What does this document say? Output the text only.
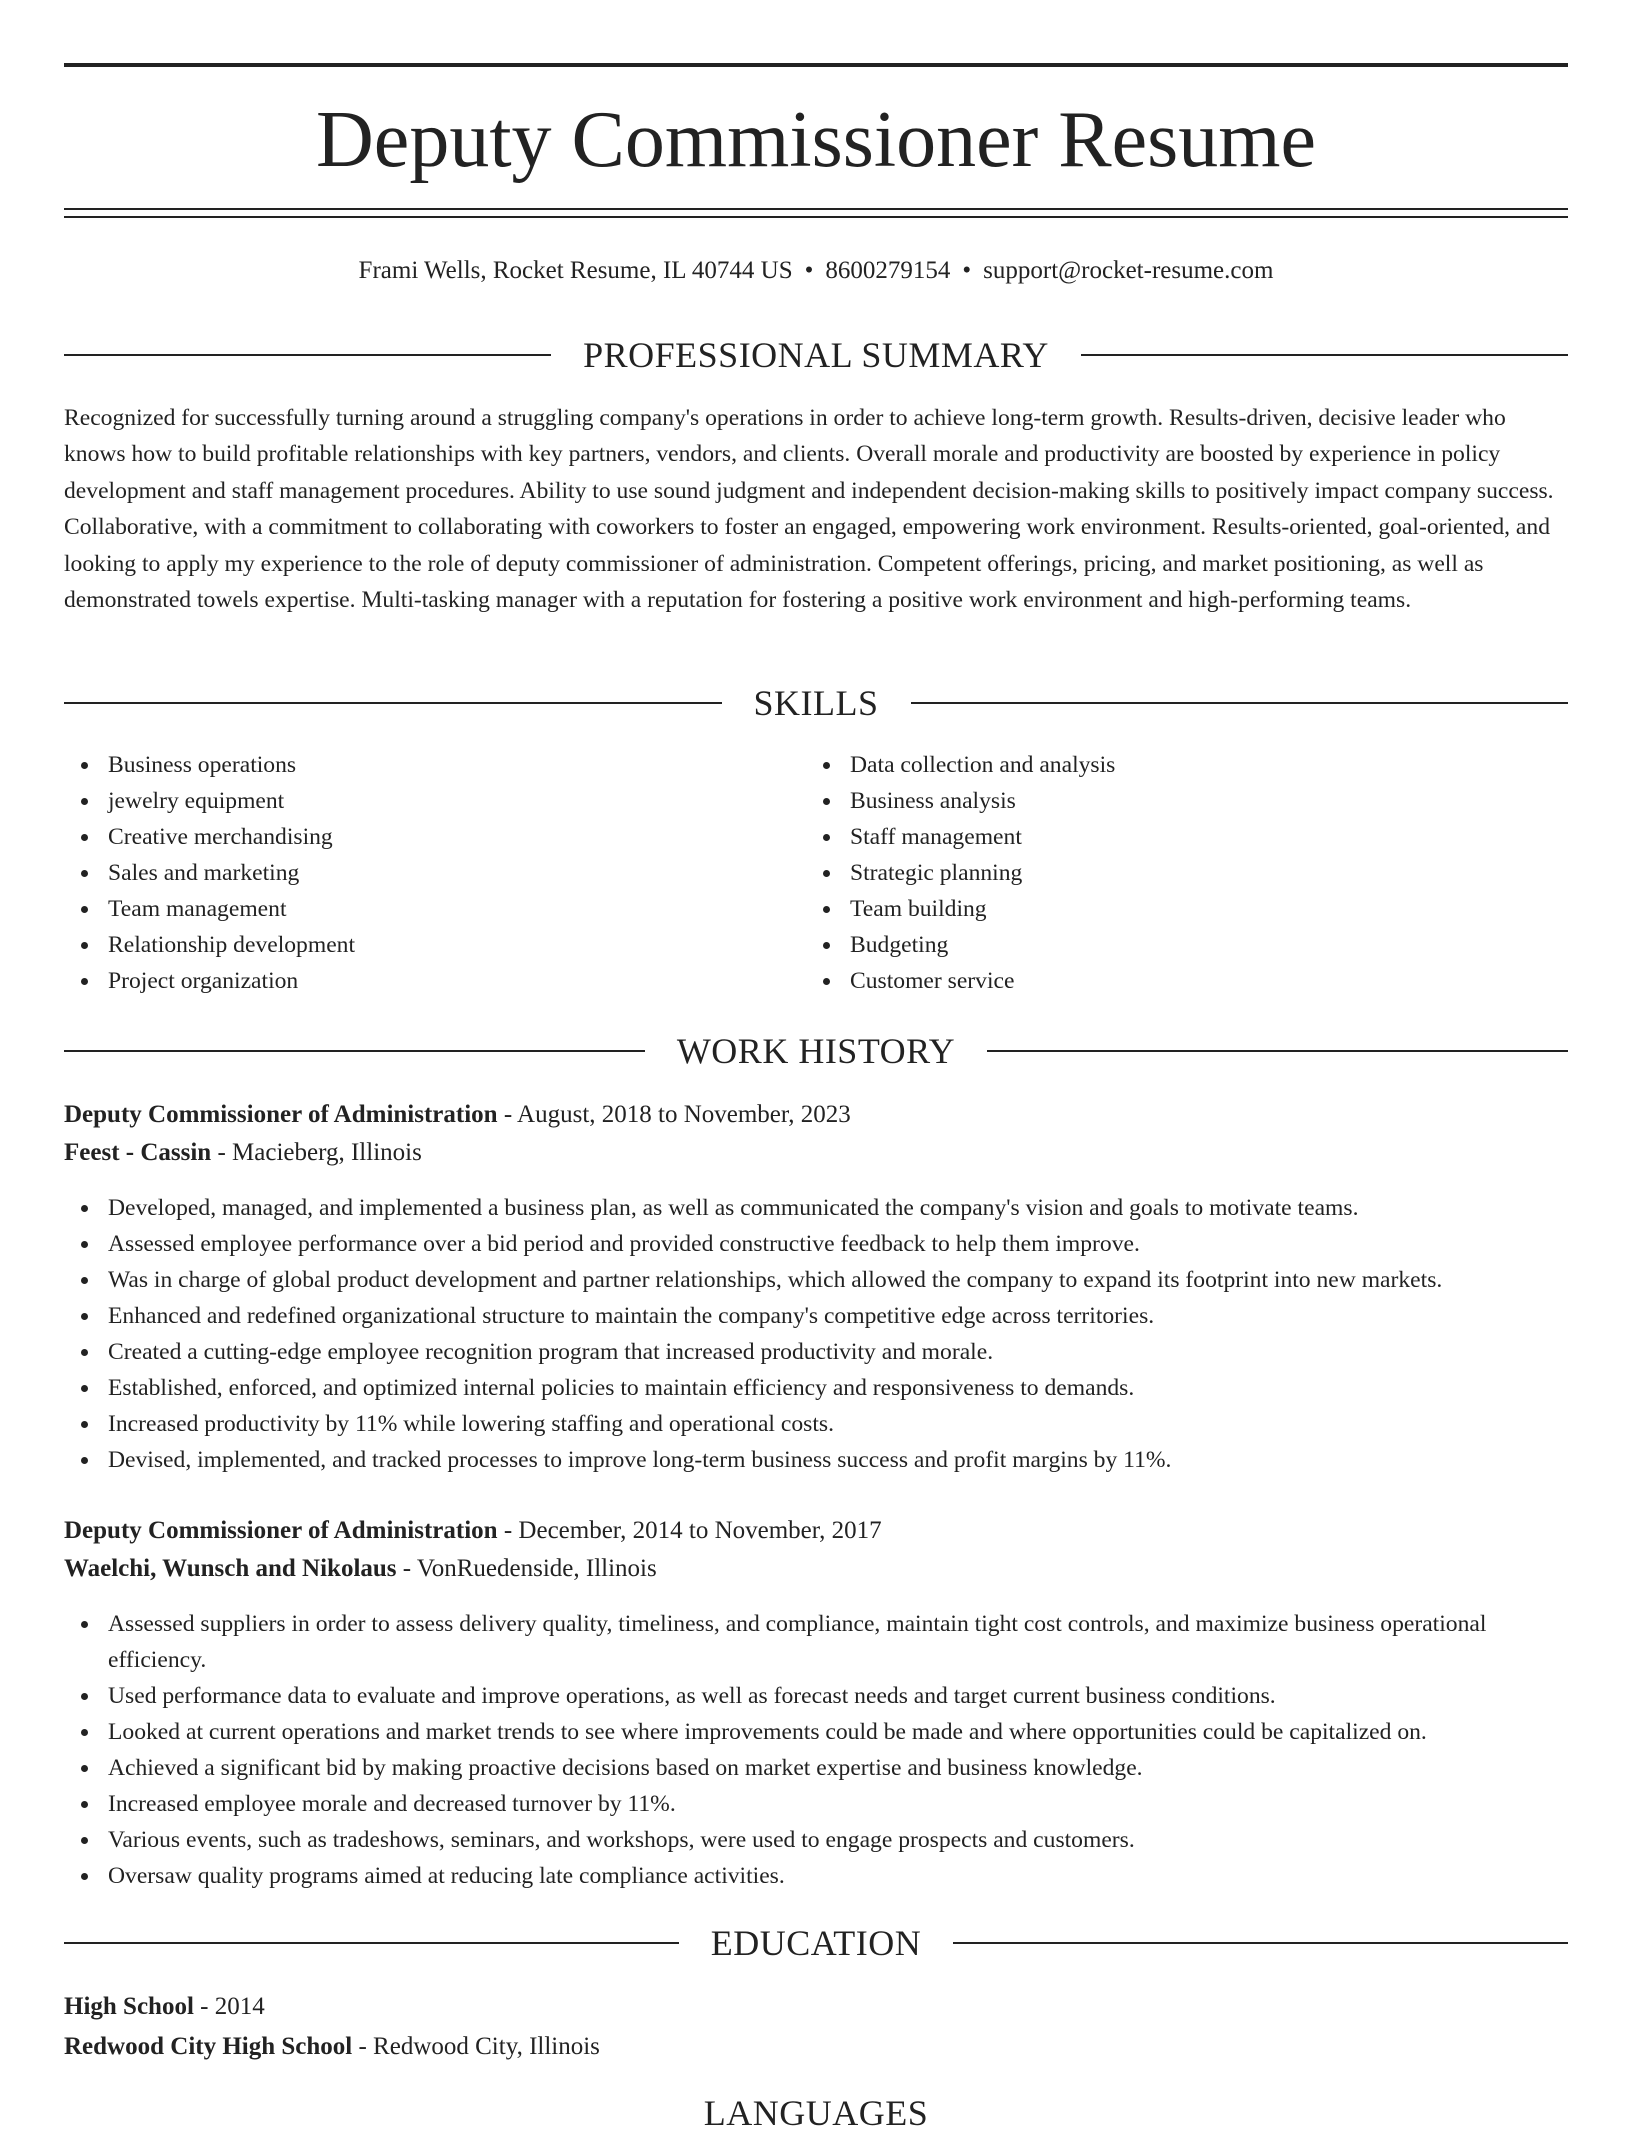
Deputy Commissioner Resume
Frami Wells, Rocket Resume, IL 40744 US • 8600279154 • support@rocket-resume.com
PROFESSIONAL SUMMARY

Recognized for successfully turning around a struggling company's operations in order to achieve long-term growth. Results-driven, decisive leader who knows how to build profitable relationships with key partners, vendors, and clients. Overall morale and productivity are boosted by experience in policy development and staff management procedures. Ability to use sound judgment and independent decision-making skills to positively impact company success. Collaborative, with a commitment to collaborating with coworkers to foster an engaged, empowering work environment. Results-oriented, goal-oriented, and looking to apply my experience to the role of deputy commissioner of administration. Competent offerings, pricing, and market positioning, as well as demonstrated towels expertise. Multi-tasking manager with a reputation for fostering a positive work environment and high-performing teams.

SKILLS
Business operations
jewelry equipment
Creative merchandising
Sales and marketing
Team management
Relationship development
Project organization
Data collection and analysis
Business analysis
Staff management
Strategic planning
Team building
Budgeting
Customer service
WORK HISTORY
Deputy Commissioner of Administration - August, 2018 to November, 2023
Feest - Cassin - Macieberg, Illinois
Developed, managed, and implemented a business plan, as well as communicated the company's vision and goals to motivate teams.
Assessed employee performance over a bid period and provided constructive feedback to help them improve.
Was in charge of global product development and partner relationships, which allowed the company to expand its footprint into new markets.
Enhanced and redefined organizational structure to maintain the company's competitive edge across territories.
Created a cutting-edge employee recognition program that increased productivity and morale.
Established, enforced, and optimized internal policies to maintain efficiency and responsiveness to demands.
Increased productivity by 11% while lowering staffing and operational costs.
Devised, implemented, and tracked processes to improve long-term business success and profit margins by 11%.
Deputy Commissioner of Administration - December, 2014 to November, 2017
Waelchi, Wunsch and Nikolaus - VonRuedenside, Illinois
Assessed suppliers in order to assess delivery quality, timeliness, and compliance, maintain tight cost controls, and maximize business operational efficiency.
Used performance data to evaluate and improve operations, as well as forecast needs and target current business conditions.
Looked at current operations and market trends to see where improvements could be made and where opportunities could be capitalized on.
Achieved a significant bid by making proactive decisions based on market expertise and business knowledge.
Increased employee morale and decreased turnover by 11%.
Various events, such as tradeshows, seminars, and workshops, were used to engage prospects and customers.
Oversaw quality programs aimed at reducing late compliance activities.
EDUCATION
High School - 2014
Redwood City High School - Redwood City, Illinois
LANGUAGES
